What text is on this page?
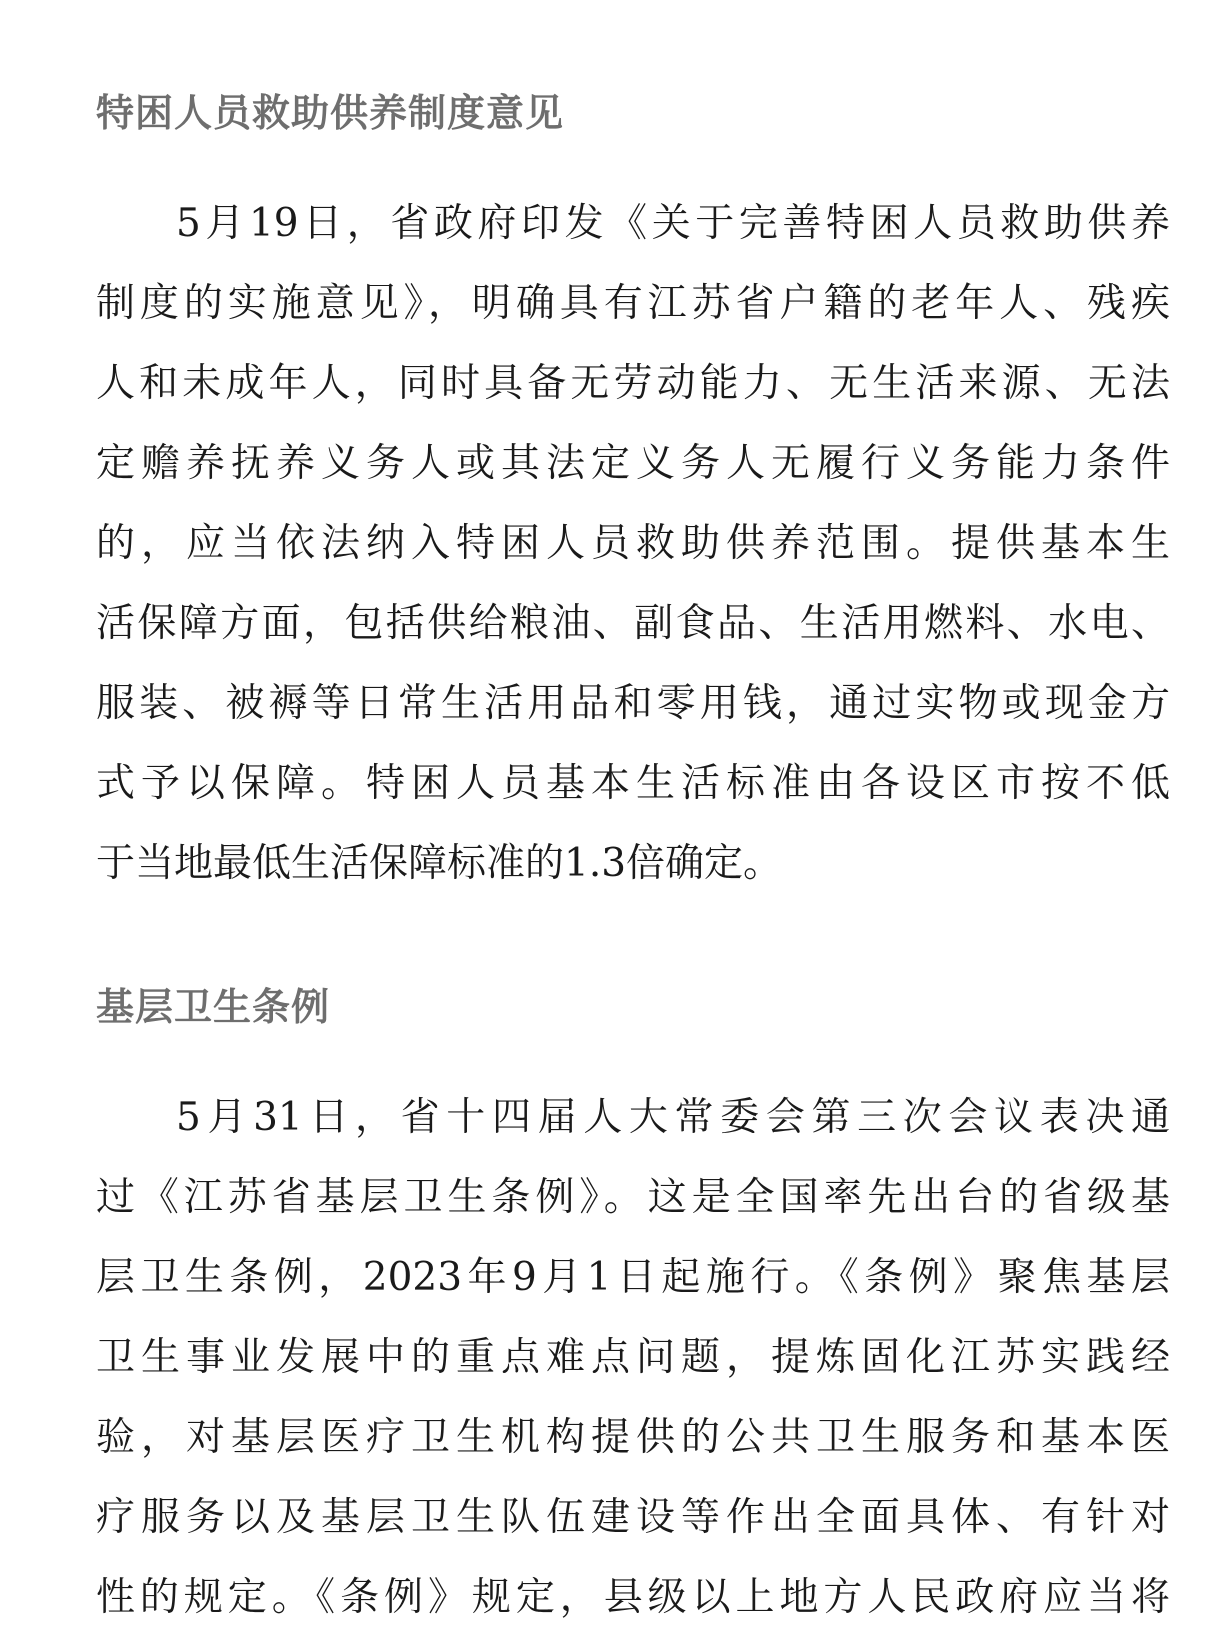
特困人员救助供养制度意见
5月19日，省政府印发《关于完善特困人员救助供养
制度的实施意见》，明确具有江苏省户籍的老年人、残疾
人和未成年人，同时具备无劳动能力、无生活来源、无法
定赡养抚养义务人或其法定义务人无履行义务能力条件
的，应当依法纳入特困人员救助供养范围。提供基本生
活保障方面，包括供给粮油、副食品、生活用燃料、水电、
服装、被褥等日常生活用品和零用钱，通过实物或现金方
式予以保障。特困人员基本生活标准由各设区市按不低
于当地最低生活保障标准的1.3倍确定。
基层卫生条例
5月31日，省十四届人大常委会第三次会议表决通
过《江苏省基层卫生条例》。这是全国率先出台的省级基
层卫生条例，2023年9月1日起施行。《条例》聚焦基层
卫生事业发展中的重点难点问题，提炼固化江苏实践经
验，对基层医疗卫生机构提供的公共卫生服务和基本医
疗服务以及基层卫生队伍建设等作出全面具体、有针对
性的规定。《条例》规定，县级以上地方人民政府应当将
